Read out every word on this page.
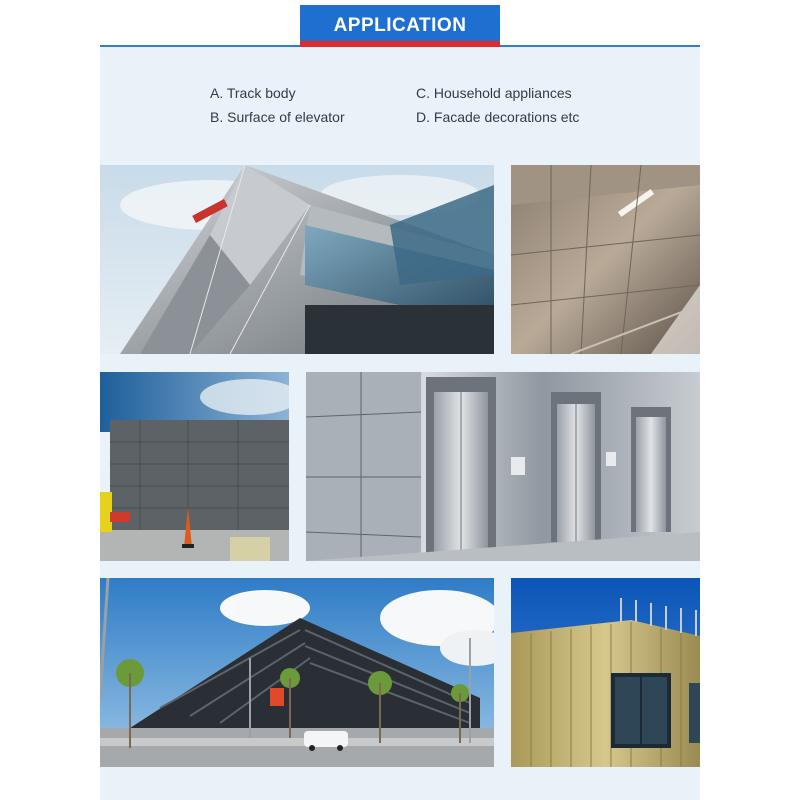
APPLICATION
A. Track body	C. Household appliances
B. Surface of elevator	D. Facade decorations etc
